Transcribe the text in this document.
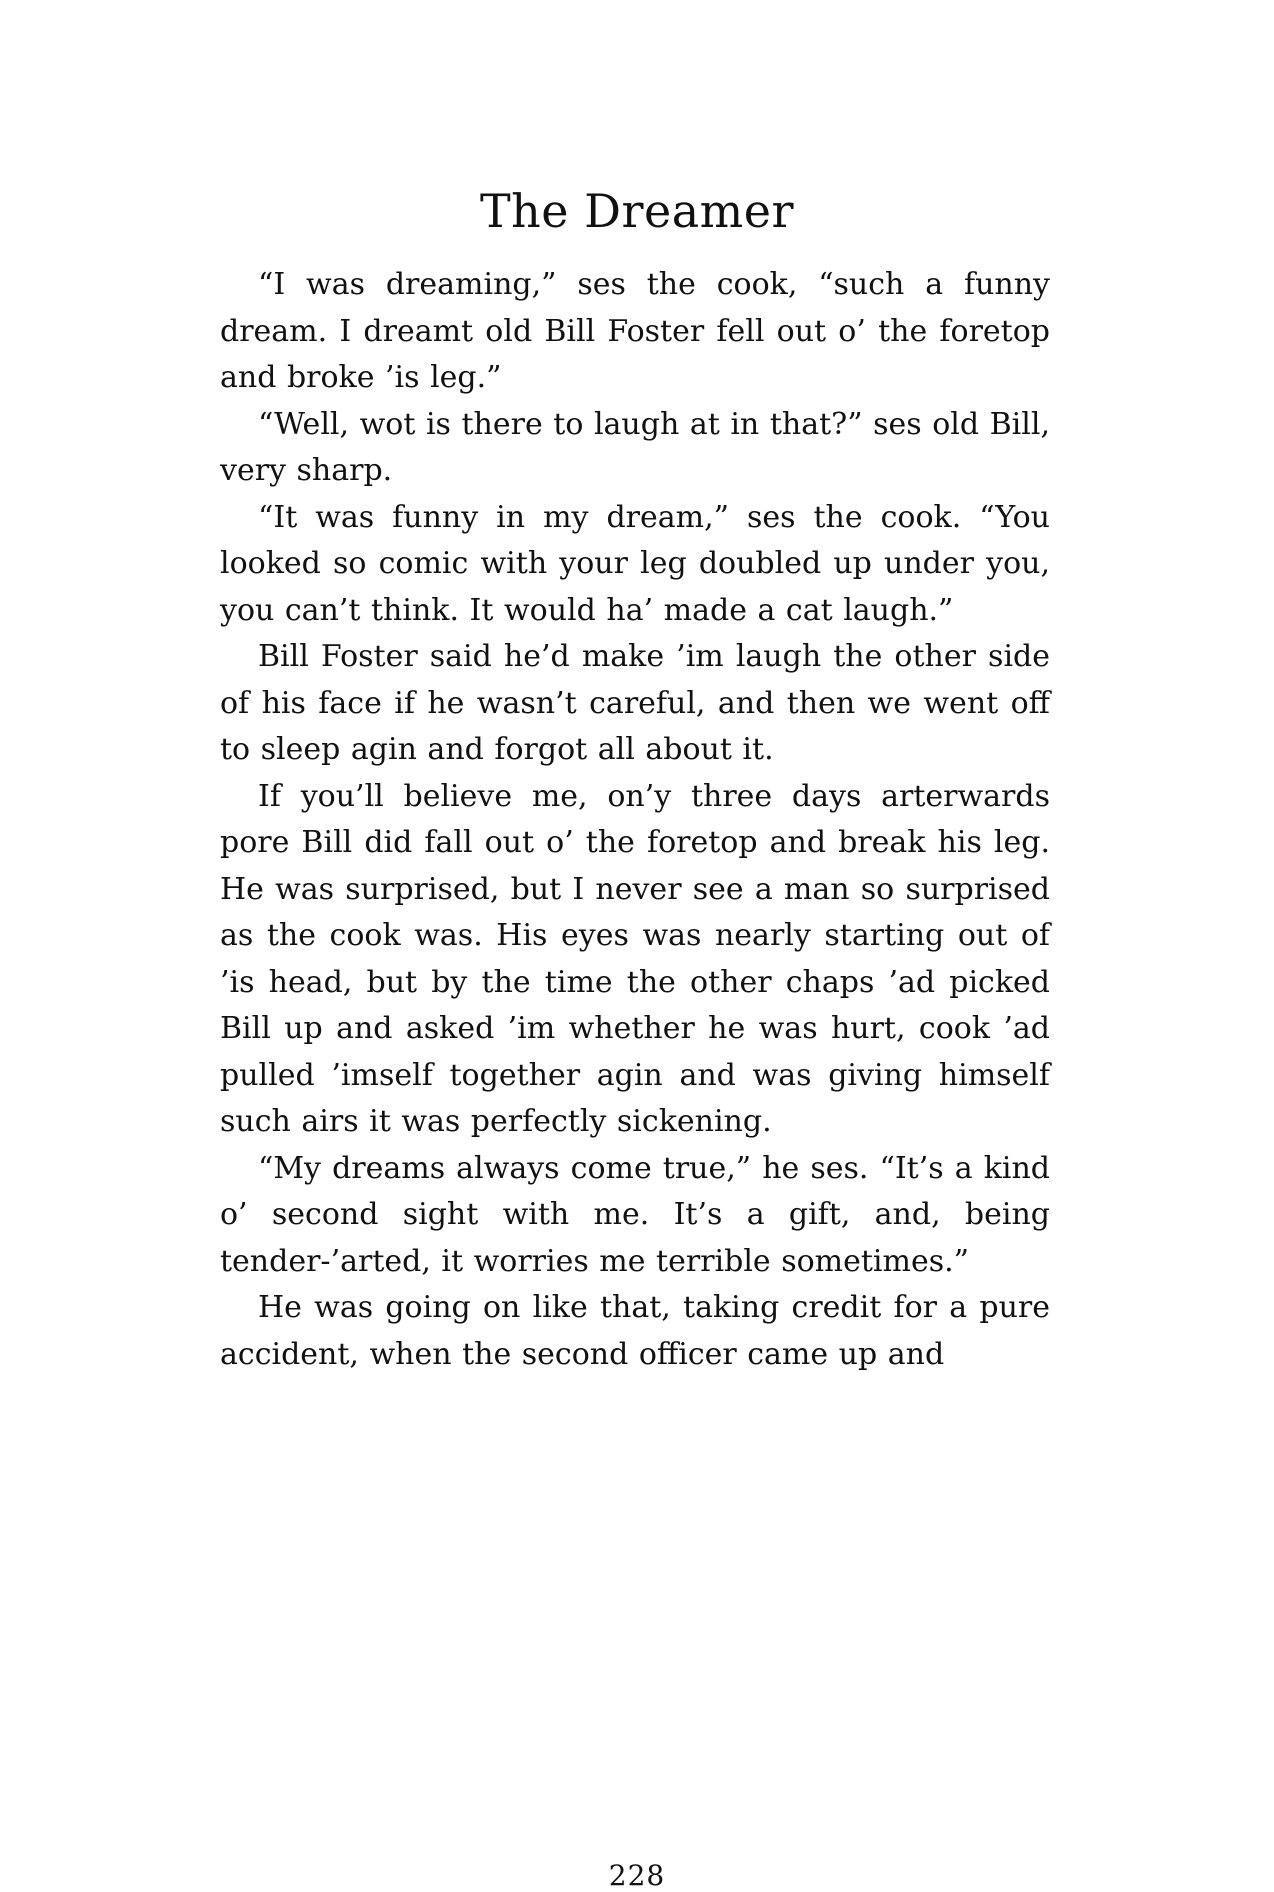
The Dreamer

“I was dreaming,” ses the cook, “such a funny dream. I dreamt old Bill Foster fell out o’ the foretop and broke ’is leg.”

“Well, wot is there to laugh at in that?” ses old Bill, very sharp.

“It was funny in my dream,” ses the cook. “You looked so comic with your leg doubled up under you, you can’t think. It would ha’ made a cat laugh.”

Bill Foster said he’d make ’im laugh the other side of his face if he wasn’t careful, and then we went off to sleep agin and forgot all about it.

If you’ll believe me, on’y three days arterwards pore Bill did fall out o’ the foretop and break his leg. He was surprised, but I never see a man so surprised as the cook was. His eyes was nearly starting out of ’is head, but by the time the other chaps ’ad picked Bill up and asked ’im whether he was hurt, cook ’ad pulled ’imself together agin and was giving himself such airs it was perfectly sickening.

“My dreams always come true,” he ses. “It’s a kind o’ second sight with me. It’s a gift, and, being tender-’arted, it worries me terrible sometimes.”

He was going on like that, taking credit for a pure accident, when the second officer came up and

228
